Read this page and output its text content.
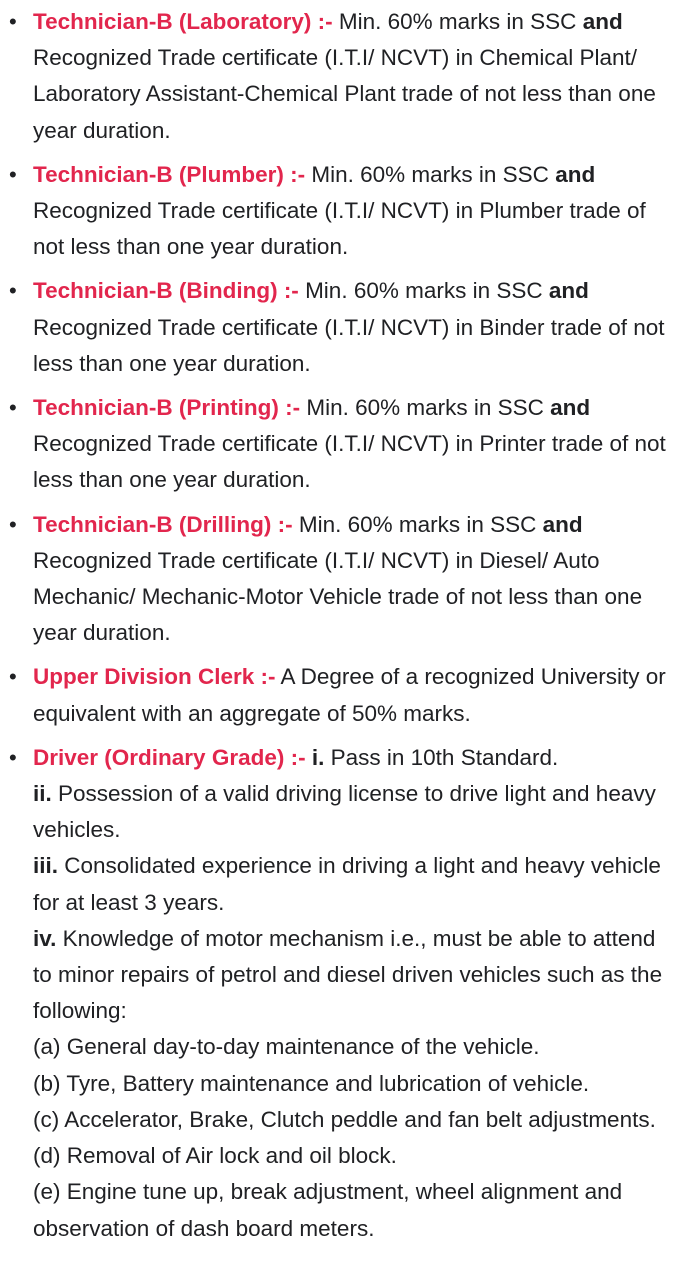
• Technician-B (Laboratory) :- Min. 60% marks in SSC and Recognized Trade certificate (I.T.I/ NCVT) in Chemical Plant/ Laboratory Assistant-Chemical Plant trade of not less than one year duration.
• Technician-B (Plumber) :- Min. 60% marks in SSC and Recognized Trade certificate (I.T.I/ NCVT) in Plumber trade of not less than one year duration.
• Technician-B (Binding) :- Min. 60% marks in SSC and Recognized Trade certificate (I.T.I/ NCVT) in Binder trade of not less than one year duration.
• Technician-B (Printing) :- Min. 60% marks in SSC and Recognized Trade certificate (I.T.I/ NCVT) in Printer trade of not less than one year duration.
• Technician-B (Drilling) :- Min. 60% marks in SSC and Recognized Trade certificate (I.T.I/ NCVT) in Diesel/ Auto Mechanic/ Mechanic-Motor Vehicle trade of not less than one year duration.
• Upper Division Clerk :- A Degree of a recognized University or equivalent with an aggregate of 50% marks.
• Driver (Ordinary Grade) :- i. Pass in 10th Standard.
ii. Possession of a valid driving license to drive light and heavy vehicles.
iii. Consolidated experience in driving a light and heavy vehicle for at least 3 years.
iv. Knowledge of motor mechanism i.e., must be able to attend to minor repairs of petrol and diesel driven vehicles such as the following:
(a) General day-to-day maintenance of the vehicle.
(b) Tyre, Battery maintenance and lubrication of vehicle.
(c) Accelerator, Brake, Clutch peddle and fan belt adjustments.
(d) Removal of Air lock and oil block.
(e) Engine tune up, break adjustment, wheel alignment and observation of dash board meters.
